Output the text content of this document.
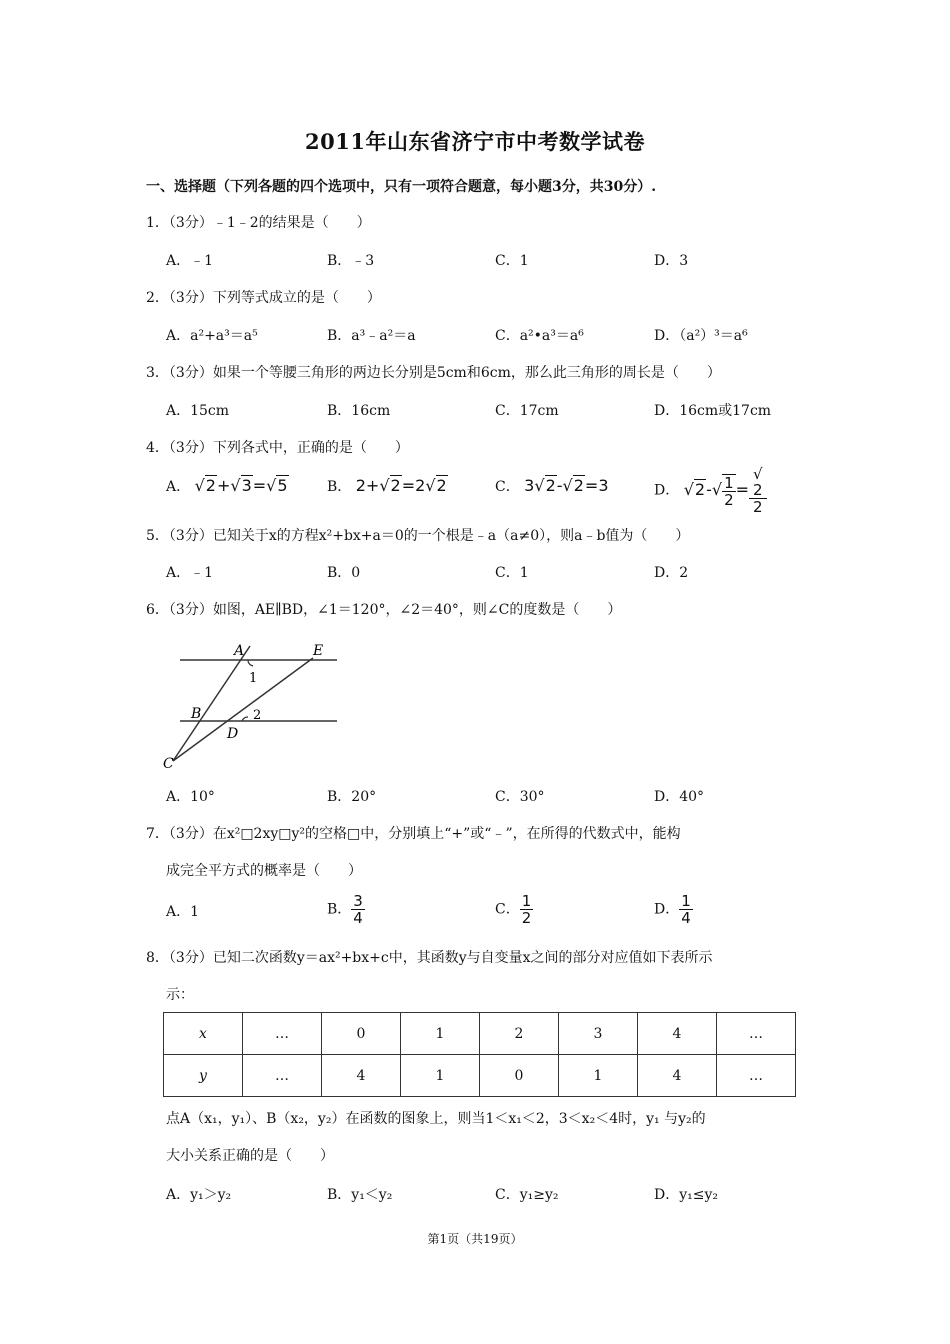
2011年山东省济宁市中考数学试卷
一、选择题（下列各题的四个选项中，只有一项符合题意，每小题3分，共30分）.
1．（3分）﹣1﹣2的结果是（　　）
A．﹣1	B．﹣3	C．1	D．3
2．（3分）下列等式成立的是（　　）
A．a²+a³＝a⁵	B．a³﹣a²＝a	C．a²•a³＝a⁶	D．（a²）³＝a⁶
3．（3分）如果一个等腰三角形的两边长分别是5cm和6cm，那么此三角形的周长是（　　）
A．15cm	B．16cm	C．17cm	D．16cm或17cm
4．（3分）下列各式中，正确的是（　　）
A． √2+√3=√5	B． 2+√2=2√2	C． 3√2-√2=3	D． $√2-√ \frac{1}{2}$ = √
2
2
5．（3分）已知关于x的方程x²+bx+a＝0的一个根是﹣a（a≠0），则a﹣b值为（　　）
A．﹣1	B．0	C．1	D．2
6．（3分）如图，AE∥BD，∠1＝120°，∠2＝40°，则∠C的度数是（　　）
A	E
1
B	2
D
C
A．10°	B．20°	C．30°	D．40°
7．（3分）在x²□2xy□y²的空格□中，分别填上“+”或“﹣”，在所得的代数式中，能构
成完全平方式的概率是（　　）
A．1	B． $\frac{3}{4}$	C． $\frac{1}{2}$	D． $\frac{1}{4}$
8．（3分）已知二次函数y＝ax²+bx+c中，其函数y与自变量x之间的部分对应值如下表所示
示：
x	…	0	1	2	3	4	…
y	…	4	1	0	1	4	…
点A（x₁，y₁）、B（x₂，y₂）在函数的图象上，则当1＜x₁＜2，3＜x₂＜4时，y₁ 与y₂的
大小关系正确的是（　　）
A．y₁＞y₂	B．y₁＜y₂	C．y₁≥y₂	D．y₁≤y₂
第1页（共19页）
